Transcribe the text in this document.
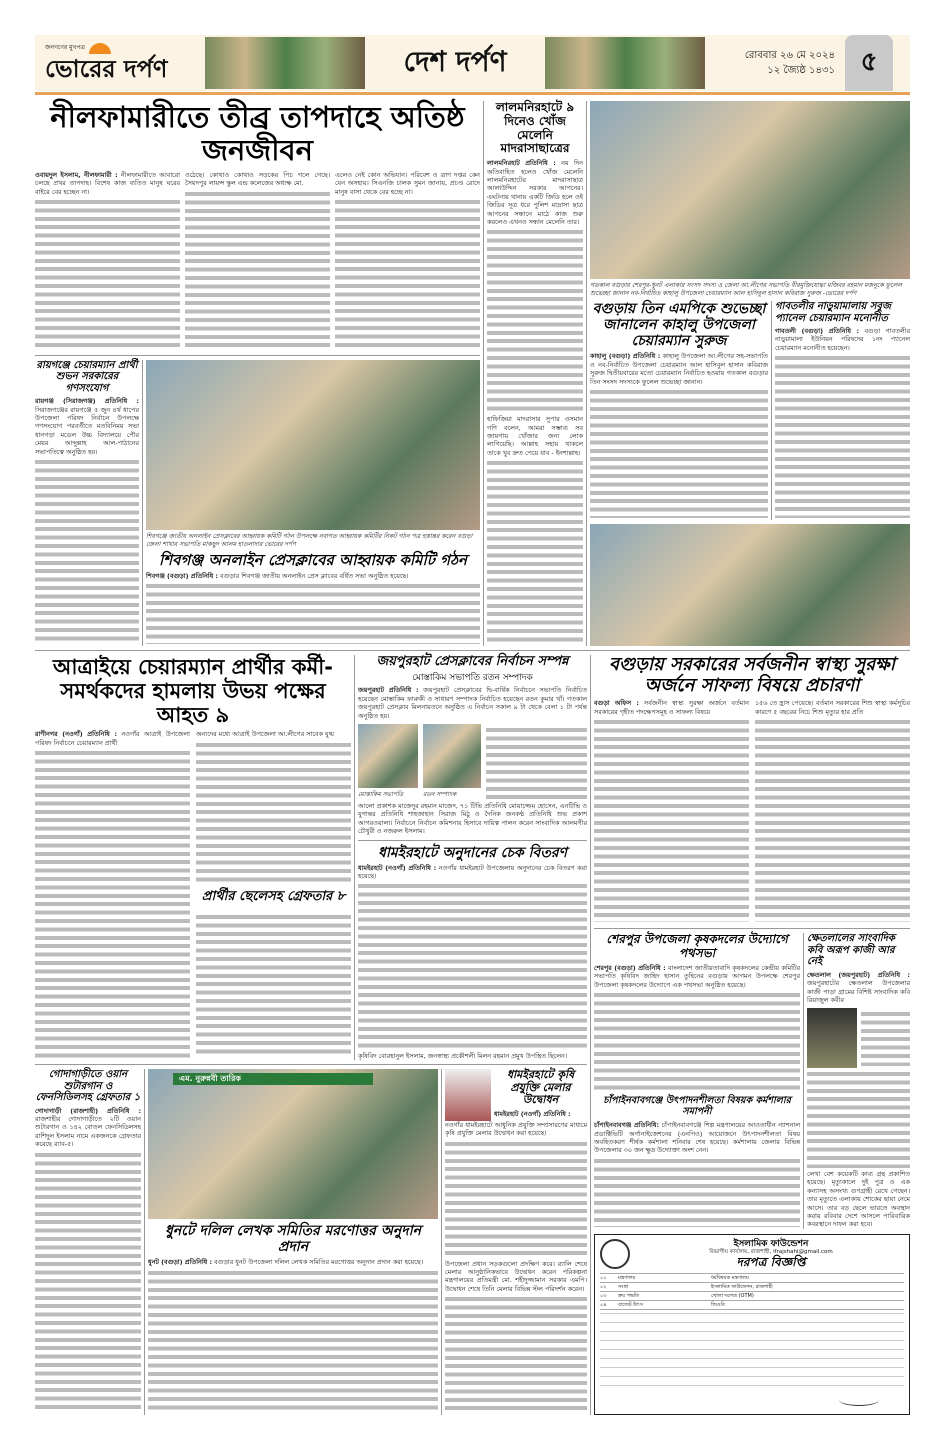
জনগণের মুখপত্র
ভোরের দর্পণ	দেশ দর্পণ	রোববার ২৬ মে ২০২৪
১২ জ্যৈষ্ঠ ১৪৩১ ৫
নীলফামারীতে তীব্র তাপদাহে অতিষ্ঠ জনজীবন
ওবায়দুল ইসলাম, নীলফামারী : নীলফামারীতে আবারো চলছে প্রখর তাপদাহ। বিশেষ কাজ ব্যতিত মানুষ ঘরের বাইরে বের হচ্ছেন না।
ওঠেছে। কোথাও কোথাও সড়কের পিচ গলে গেছে। সৈয়দপুর লায়ন্স স্কুল এন্ড কলেজের অধ্যক্ষ মো.
এলেও নেই কোন অভিযান। পরিবেশ ও ত্রাণ দপ্তর কেন যেন অসহায়। সিএনজি চালক সুমন জানায়, প্রচণ্ড রোদে মানুষ বাসা থেকে বের হচ্ছে না।
রায়গঞ্জে চেয়ারম্যান প্রার্থী শুভন সরকারের গণসংযোগ
রায়গঞ্জ (সিরাজগঞ্জ) প্রতিনিধি : সিরাজগঞ্জের রায়গঞ্জে ৫ জুন ৪র্থ ধাপের উপজেলা পরিষদ নির্বাচন উপলক্ষে গণসংযোগ পরবর্তীতে মতবিনিময় সভা ধানগড়া মডেল উচ্চ বিদ্যালয়ে পৌর মেয়র আব্দুল্লাহ আল-পাঠানের সভাপতিত্বে অনুষ্ঠিত হয়।
শিবগঞ্জে জাতীয় অনলাইন প্রেসক্লাবের আহ্বায়ক কমিটি গঠন উপলক্ষে নবাগত আহ্বায়ক কমিটির নিকট গঠন পত্র হস্তান্তর করেন বগুড়া জেলা শাখার সভাপতি মাকছুদ আলম হাওলাদার ভোরের দর্পণ
শিবগঞ্জ অনলাইন প্রেসক্লাবের আহ্বায়ক কমিটি গঠন
শিবগঞ্জ (বগুড়া) প্রতিনিধি : বগুড়ার শিবগঞ্জ জাতীয় অনলাইন প্রেস ক্লাবের বর্ধিত সভা অনুষ্ঠিত হয়েছে।
লালমনিরহাটে ৯ দিনেও খোঁজ মেলেনি মাদরাসাছাত্রের
লালমনিরহাট প্রতিনিধি : নয় দিন অতিবাহিত হলেও খোঁজ মেলেনি লালমনিরহাটের মাদরাসাছাত্র আলাউদ্দিন সরকার আপনের। এঘটনায় থানায় একটি জিডি হলে ওই জিডির সূত্র ধরে পুলিশ মাদ্রাসা ছাত্র আপনের সন্ধানে মাঠে কাজ শুরু করলেও এখনও সন্ধান মেলেনি তার।
হাফিজিয়া মাদরাসার সুপার ওসমান গণি বলেন, আমরা সম্ভাব্য সব জায়গায় খোঁজার জন্য লোক লাগিয়েছি। আল্লাহ সহায় থাকলে তাকে খুব দ্রুত পেয়ে যাব - ইনশাল্লাহ।
গতকাল বগুড়ার শেরপুর-ধুনট এলাকার সংসদ সদস্য ও জেলা আ.লীগের সভাপতি বীরমুক্তিযোদ্ধা মজিবর রহমান মজনুকে ফুলেল শুভেচ্ছা জানান নব-নির্বাচিত কাহালু উপজেলা চেয়ারম্যান আল হাসিবুল হাসান কবিরাজ সুরুজ -ভোরের দর্পণ
বগুড়ায় তিন এমপিকে শুভেচ্ছা জানালেন কাহালু উপজেলা চেয়ারম্যান সুরুজ
কাহালু (বগুড়া) প্রতিনিধি : কাহালু উপজেলা আ.লীগের সহ-সভাপতি ও নব-নির্বাচিত উপজেলা চেয়ারম্যান আল হাসিবুল হাসান কবিরাজ সুরুজ দ্বিতীয়বারের মতো চেয়ারম্যান নির্বাচিত হওয়ায় গতকাল বগুড়ার তিন সংসদ সদস্যকে ফুলেল শুভেচ্ছা জানান।
গাবতলীর নাড়ুয়ামালায় সবুজ প্যানেল চেয়ারম্যান মনোনীত
গাবতলী (বগুড়া) প্রতিনিধি : বগুড়া গাবতলীর নাড়ুয়ামালা ইউনিয়ন পরিষদের ১নং প্যানেল চেয়ারম্যান মনোনীত হয়েছেন।
আত্রাইয়ে চেয়ারম্যান প্রার্থীর কর্মী-সমর্থকদের হামলায় উভয় পক্ষের আহত ৯
রাণীনগর (নওগাঁ) প্রতিনিধি : নওগাঁর আত্রাই উপজেলা পরিষদ নির্বাচনে চেয়ারম্যান প্রার্থী
অন্যদের মধ্যে আত্রাই উপজেলা আ.লীগের সাবেক যুগ্ম
প্রার্থীর ছেলেসহ গ্রেফতার ৮
জয়পুরহাট প্রেসক্লাবের নির্বাচন সম্পন্ন
মোস্তাকিম সভাপতি রতন সম্পাদক
জয়পুরহাট প্রতিনিধি : জয়পুরহাট প্রেসক্লাবের দ্বি-বার্ষিক নির্বাচনে সভাপতি নির্বাচিত হয়েছেন মোস্তাকিম ফারুকী ও সাধারণ সম্পাদক নির্বাচিত হয়েছেন রতন কুমার খাঁ। গতকাল জয়পুরহাট প্রেসক্লাব মিলনায়তনে অনুষ্ঠিত এ নির্বাচন সকাল ৯ টা থেকে বেলা ১ টা পর্যন্ত অনুষ্ঠিত হয়।
মোস্তাকিম সভাপতি	রতন সম্পাদক
আলো প্রকাশক মাজেদুর রহমান মাজেদ, ৭১ টিভি প্রতিনিধি মোয়াজ্জেম হোসেন, এনটিভি ও যুগান্তর প্রতিনিধি শাহজাহান সিরাজ মিঠু ও দৈনিক জনকণ্ঠ প্রতিনিধি শুভ প্রকাশ আগরওয়ালা। নির্বাচনে নির্বাচন কমিশনার হিসাবে দায়িত্ব পালন করেন সাংবাদিক আলমগীর চৌধুরী ও নজরুল ইসলাম।
ধামইরহাটে অনুদানের চেক বিতরণ
ধামইরহাট (নওগাঁ) প্রতিনিধি : নওগাঁর ধামইরহাট উপজেলায় অনুদানের চেক বিতরণ করা হয়েছে।
কৃষিবিদ বোরহানুল ইসলাম, জনস্বাস্থ্য প্রকৌশলী মিলন রহমান প্রমুখ উপস্থিত ছিলেন।
গোদাগাড়ীতে ওয়ান শুটারগান ও ফেনসিডিলসহ গ্রেফতার ১
গোদাগাড়ী (রাজশাহী) প্রতিনিধি : রাজশাহীর গোদাগাড়ীতে ২টি ওয়ান শুটারগান ও ১৪২ বোতল ফেনসিডিলসহ রাশিদুল ইসলাম নামে একজনকে গ্রেফতার করেছে র‌্যাব-৫।
এম. নুরুন্নবী তারিক
ধুনটে দলিল লেখক সমিতির মরণোত্তর অনুদান প্রদান
ধুনট (বগুড়া) প্রতিনিধি : বগুড়ার ধুনট উপজেলা দলিল লেখক সমিতির মরণোত্তর অনুদান প্রদান করা হয়েছে।
ধামইরহাটে কৃষি প্রযুক্তি মেলার উদ্বোধন
ধামইরহাট (নওগাঁ) প্রতিনিধি :
নওগাঁর ধামইরহাটে আধুনিক প্রযুক্তি সম্প্রসারণের মাধ্যমে কৃষি প্রযুক্তি মেলার উদ্বোধন করা হয়েছে।
উপজেলা প্রধান সড়কগুলো প্রদক্ষিণ করে। র‌্যালি শেষে মেলার আনুষ্ঠানিকভাবে উদ্বোধন করেন পরিকল্পনা মন্ত্রণালয়ের প্রতিমন্ত্রী মো. শহীদুজ্জামান সরকার এমপি। উদ্বোধন শেষে তিনি মেলার বিভিন্ন স্টল পরিদর্শন করেন।
বগুড়ায় সরকারের সর্বজনীন স্বাস্থ্য সুরক্ষা অর্জনে সাফল্য বিষয়ে প্রচারণা
বগুড়া অফিস : সর্বজনীন স্বাস্থ্য সুরক্ষা অর্জনে বর্তমান সরকারের গৃহীত পদক্ষেপসমূহ ও সাফল্য বিষয়ে
১৫৬ তে হ্রাস পেয়েছে। বর্তমান সরকারের শিশু স্বাস্থ্য কর্মসূচির কারণে ৫ বছরের নিচে শিশু মৃত্যুর হার প্রতি
শেরপুর উপজেলা কৃষকদলের উদ্যোগে পথসভা
শেরপুর (বগুড়া) প্রতিনিধি : বাংলাদেশ জাতীয়তাবাদি কৃষকদলের কেন্দ্রীয় কমিটির সভাপতি কৃষিবিদ জাহিদ হাসান তুহিনের বগুড়ায় আগমন উপলক্ষে শেরপুর উপজেলা কৃষকদলের উদ্যোগে এক পথসভা অনুষ্ঠিত হয়েছে।
চাঁপাইনবাবগঞ্জে উৎপাদনশীলতা বিষয়ক কর্মশালার সমাপনী
চাঁপাইনবাবগঞ্জ প্রতিনিধি: চাঁপাইনবাবগঞ্জে শিল্প মন্ত্রণালয়ের আওতাধীন ন্যাশনাল প্রডাক্টিভিটি অর্গানাইজেশনের (এনপিও) আয়োজনে উৎপাদনশীলতা বিষয় অবহিতকরণ শীর্ষক কর্মশালা শনিবার শেষ হয়েছে। কর্মশালায় জেলার বিভিন্ন উপজেলার ৩০ জন ক্ষুদ্র উদ্যোক্তা অংশ নেন।
ক্ষেতলালের সাংবাদিক কবি অরূপ কাজী আর নেই
ক্ষেতলাল (জয়পুরহাট) প্রতিনিধি : জয়পুরহাটের ক্ষেতলাল উপজেলার কাজী পাড়া গ্রামের বিশিষ্ট সাংবাদিক কবি রিয়াজুল কবীর
লেখা বেশ কয়েকটি কাব্য গ্রন্থ প্রকাশিত হয়েছে। মৃত্যুকালে দুই পুত্র ও এক কন্যাসহ অসংখ্য গুণগ্রাহী রেখে গেছেন। তার মৃত্যুতে এলাকায় শোকের ছায়া নেমে আসে। তার বড় ছেলে ভারতে অবস্থান করায় রবিবার দেশে আসলে পারিবারিক কবরস্থানে দাফন করা হবে।
ইসলামিক ফাউন্ডেশন
বিভাগীয় কার্যালয়, রাজশাহী, ifrajshahi@gmail.com
দরপত্র বিজ্ঞপ্তি
০১	মন্ত্রণালয়	ধর্মবিষয়ক মন্ত্রণালয়
০২	সংস্থা	ইসলামিক ফাউন্ডেশন, রাজশাহী
০৩	ক্রয় পদ্ধতি	খোলা দরপত্র (OTM)
০৪	বাজেট উৎস	জিওবি
